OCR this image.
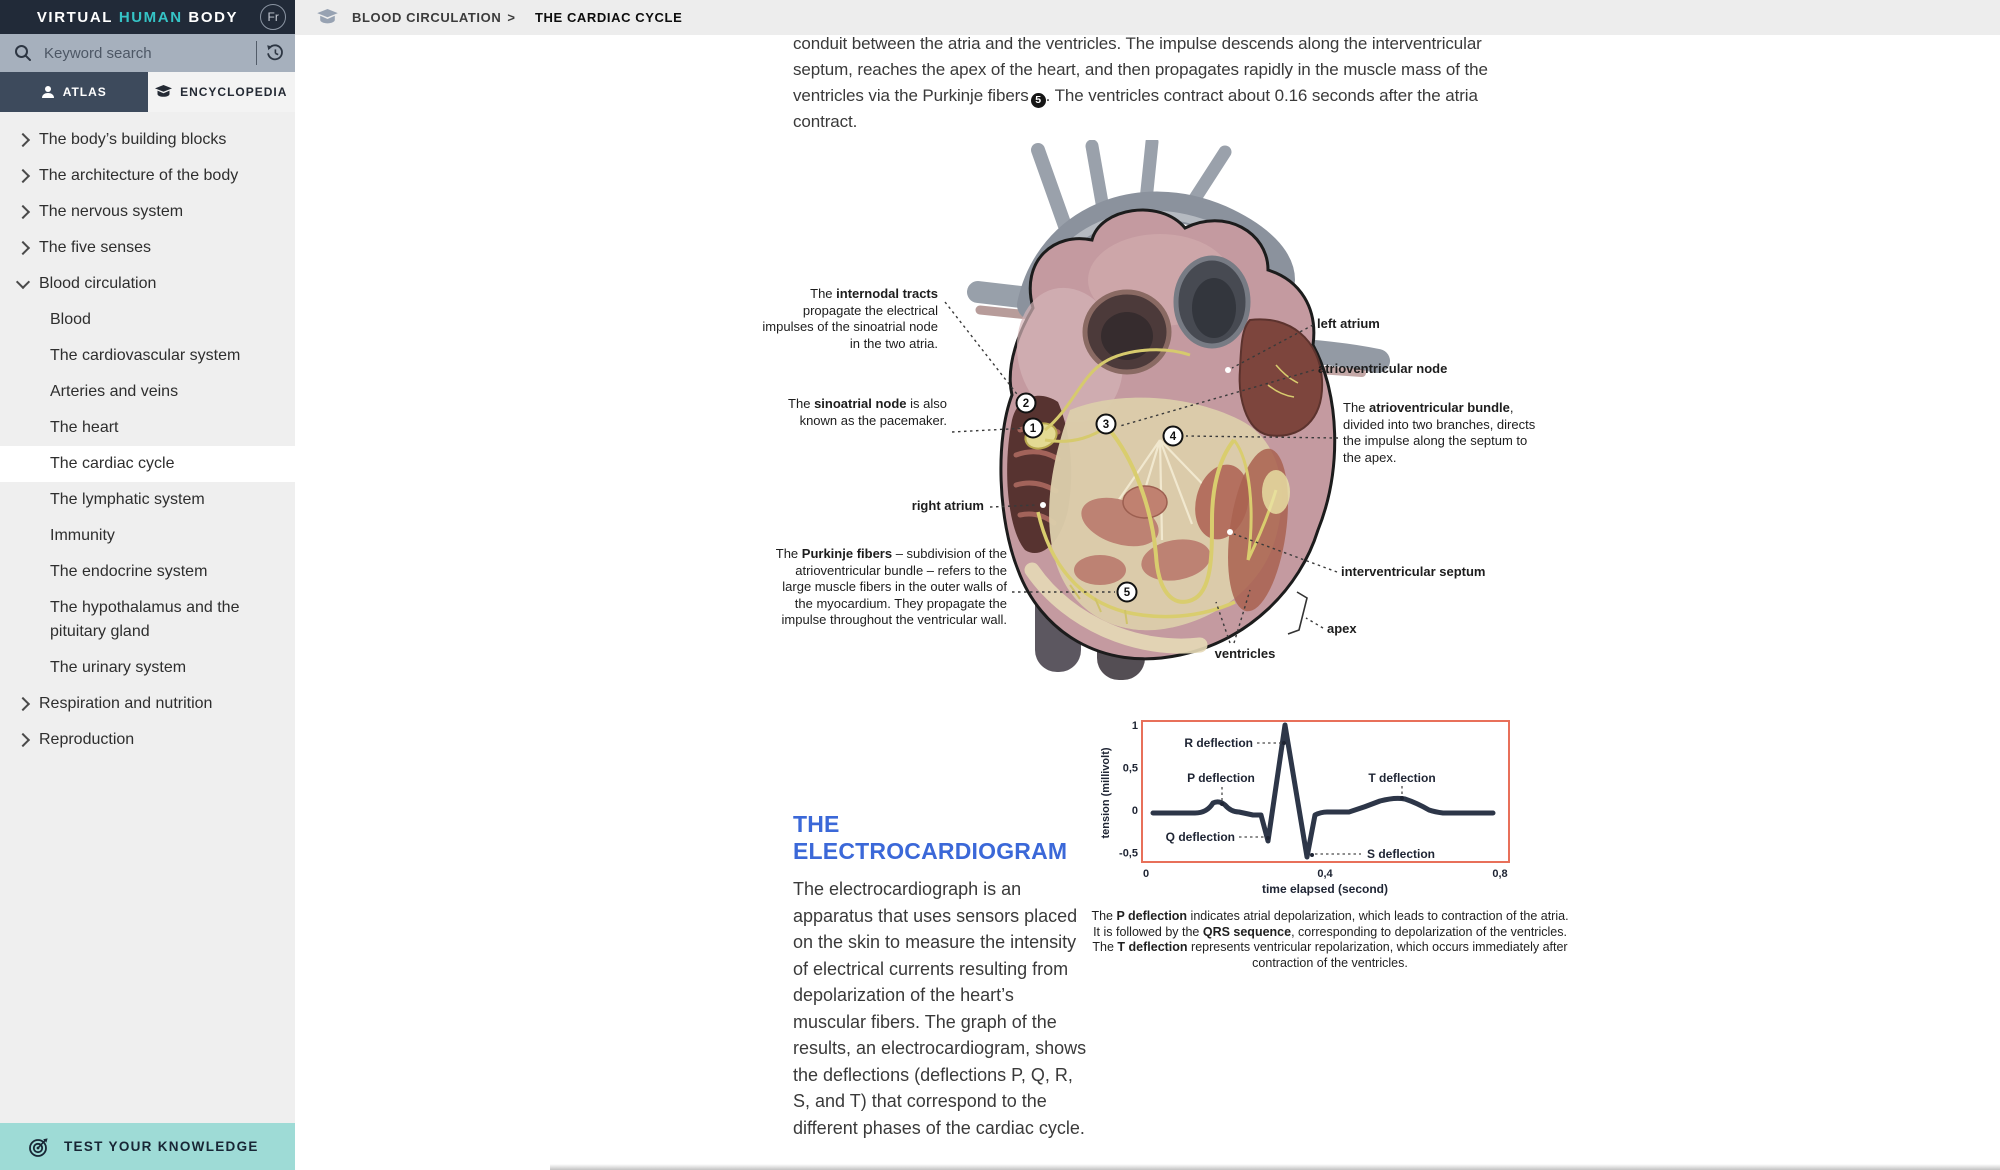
VIRTUAL HUMAN BODY	Fr
Keyword search
ATLAS	ENCYCLOPEDIA
The body’s building blocks
The architecture of the body
The nervous system
The five senses
Blood circulation
Blood
The cardiovascular system
Arteries and veins
The heart
The cardiac cycle
The lymphatic system
Immunity
The endocrine system
The hypothalamus and the pituitary gland
The urinary system
Respiration and nutrition
Reproduction
TEST YOUR KNOWLEDGE
BLOOD CIRCULATION > THE CARDIAC CYCLE
conduit between the atria and the ventricles. The impulse descends along the interventricular
septum, reaches the apex of the heart, and then propagates rapidly in the muscle mass of the
ventricles via the Purkinje fibers 5 . The ventricles contract about 0.16 seconds after the atria
contract.
2
1	3
4
5
The internodal tracts propagate the electrical impulses of the sinoatrial node in the two atria.
The sinoatrial node is also known as the pacemaker.
right atrium
The Purkinje fibers – subdivision of the atrioventricular bundle – refers to the large muscle fibers in the outer walls of the myocardium. They propagate the impulse throughout the ventricular wall.
left atrium
atrioventricular node
The atrioventricular bundle, divided into two branches, directs the impulse along the septum to the apex.
interventricular septum
apex
ventricles
THE ELECTROCARDIOGRAM

The electrocardiograph is an apparatus that uses sensors placed on the skin to measure the intensity of electrical currents resulting from depolarization of the heart’s muscular fibers. The graph of the results, an electrocardiogram, shows the deflections (deflections P, Q, R, S, and T) that correspond to the different phases of the cardiac cycle.

1
0,5
0
-0,5
0	0,4	0,8
tension (millivolt)
time elapsed (second)
R deflection
P deflection	T deflection
Q deflection
S deflection
The P deflection indicates atrial depolarization, which leads to contraction of the atria. It is followed by the QRS sequence, corresponding to depolarization of the ventricles. The T deflection represents ventricular repolarization, which occurs immediately after contraction of the ventricles.
